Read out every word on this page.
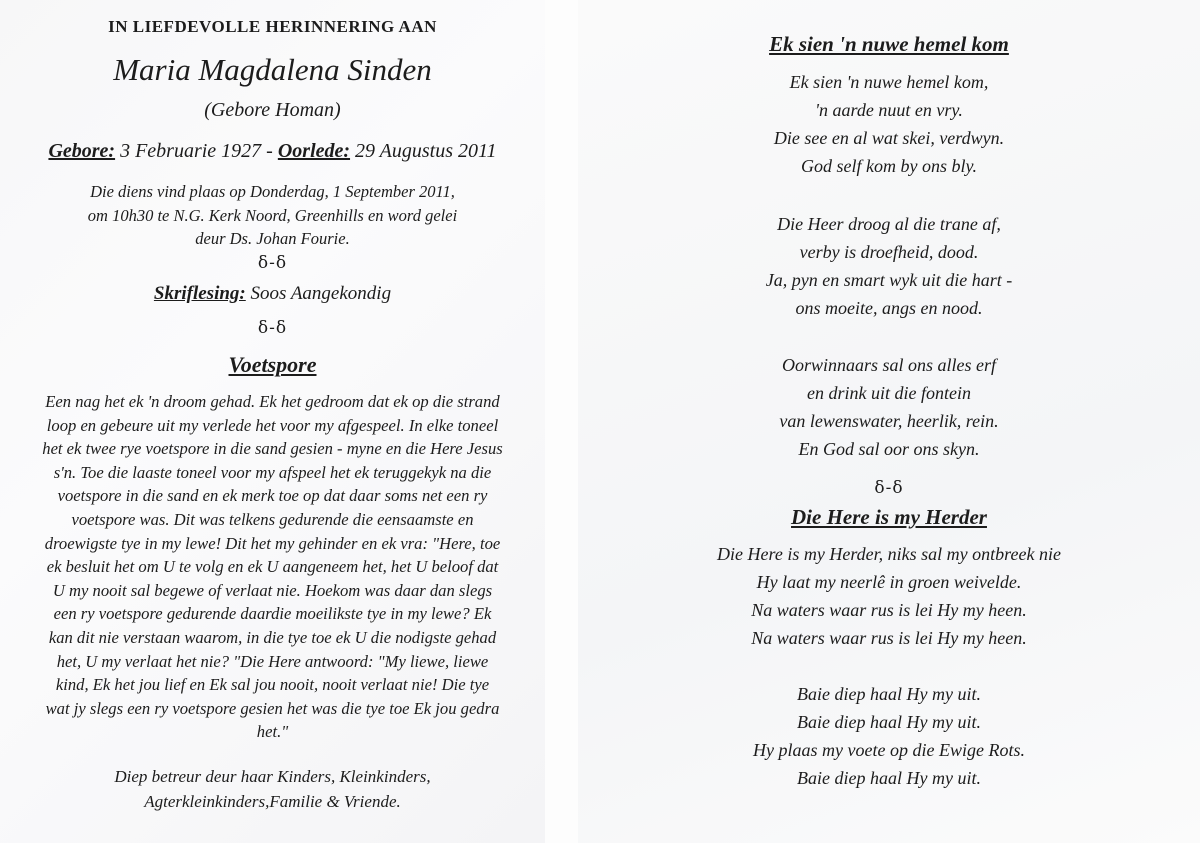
IN LIEFDEVOLLE HERINNERING AAN
Maria Magdalena Sinden
(Gebore Homan)
Gebore: 3 Februarie 1927 - Oorlede: 29 Augustus 2011
Die diens vind plaas op Donderdag, 1 September 2011,
om 10h30 te N.G. Kerk Noord, Greenhills en word gelei
deur Ds. Johan Fourie.
ẟ-ẟ
Skriflesing: Soos Aangekondig
ẟ-ẟ
Voetspore
Een nag het ek 'n droom gehad. Ek het gedroom dat ek op die strand
loop en gebeure uit my verlede het voor my afgespeel. In elke toneel
het ek twee rye voetspore in die sand gesien - myne en die Here Jesus
s'n. Toe die laaste toneel voor my afspeel het ek teruggekyk na die
voetspore in die sand en ek merk toe op dat daar soms net een ry
voetspore was. Dit was telkens gedurende die eensaamste en
droewigste tye in my lewe! Dit het my gehinder en ek vra: "Here, toe
ek besluit het om U te volg en ek U aangeneem het, het U beloof dat
U my nooit sal begewe of verlaat nie. Hoekom was daar dan slegs
een ry voetspore gedurende daardie moeilikste tye in my lewe? Ek
kan dit nie verstaan waarom, in die tye toe ek U die nodigste gehad
het, U my verlaat het nie? "Die Here antwoord: "My liewe, liewe
kind, Ek het jou lief en Ek sal jou nooit, nooit verlaat nie! Die tye
wat jy slegs een ry voetspore gesien het was die tye toe Ek jou gedra
het."
Diep betreur deur haar Kinders, Kleinkinders,
Agterkleinkinders,Familie & Vriende.
Ek sien 'n nuwe hemel kom
Ek sien 'n nuwe hemel kom,
'n aarde nuut en vry.
Die see en al wat skei, verdwyn.
God self kom by ons bly.
Die Heer droog al die trane af,
verby is droefheid, dood.
Ja, pyn en smart wyk uit die hart -
ons moeite, angs en nood.
Oorwinnaars sal ons alles erf
en drink uit die fontein
van lewenswater, heerlik, rein.
En God sal oor ons skyn.
ẟ-ẟ
Die Here is my Herder
Die Here is my Herder, niks sal my ontbreek nie
Hy laat my neerlê in groen weivelde.
Na waters waar rus is lei Hy my heen.
Na waters waar rus is lei Hy my heen.
Baie diep haal Hy my uit.
Baie diep haal Hy my uit.
Hy plaas my voete op die Ewige Rots.
Baie diep haal Hy my uit.
